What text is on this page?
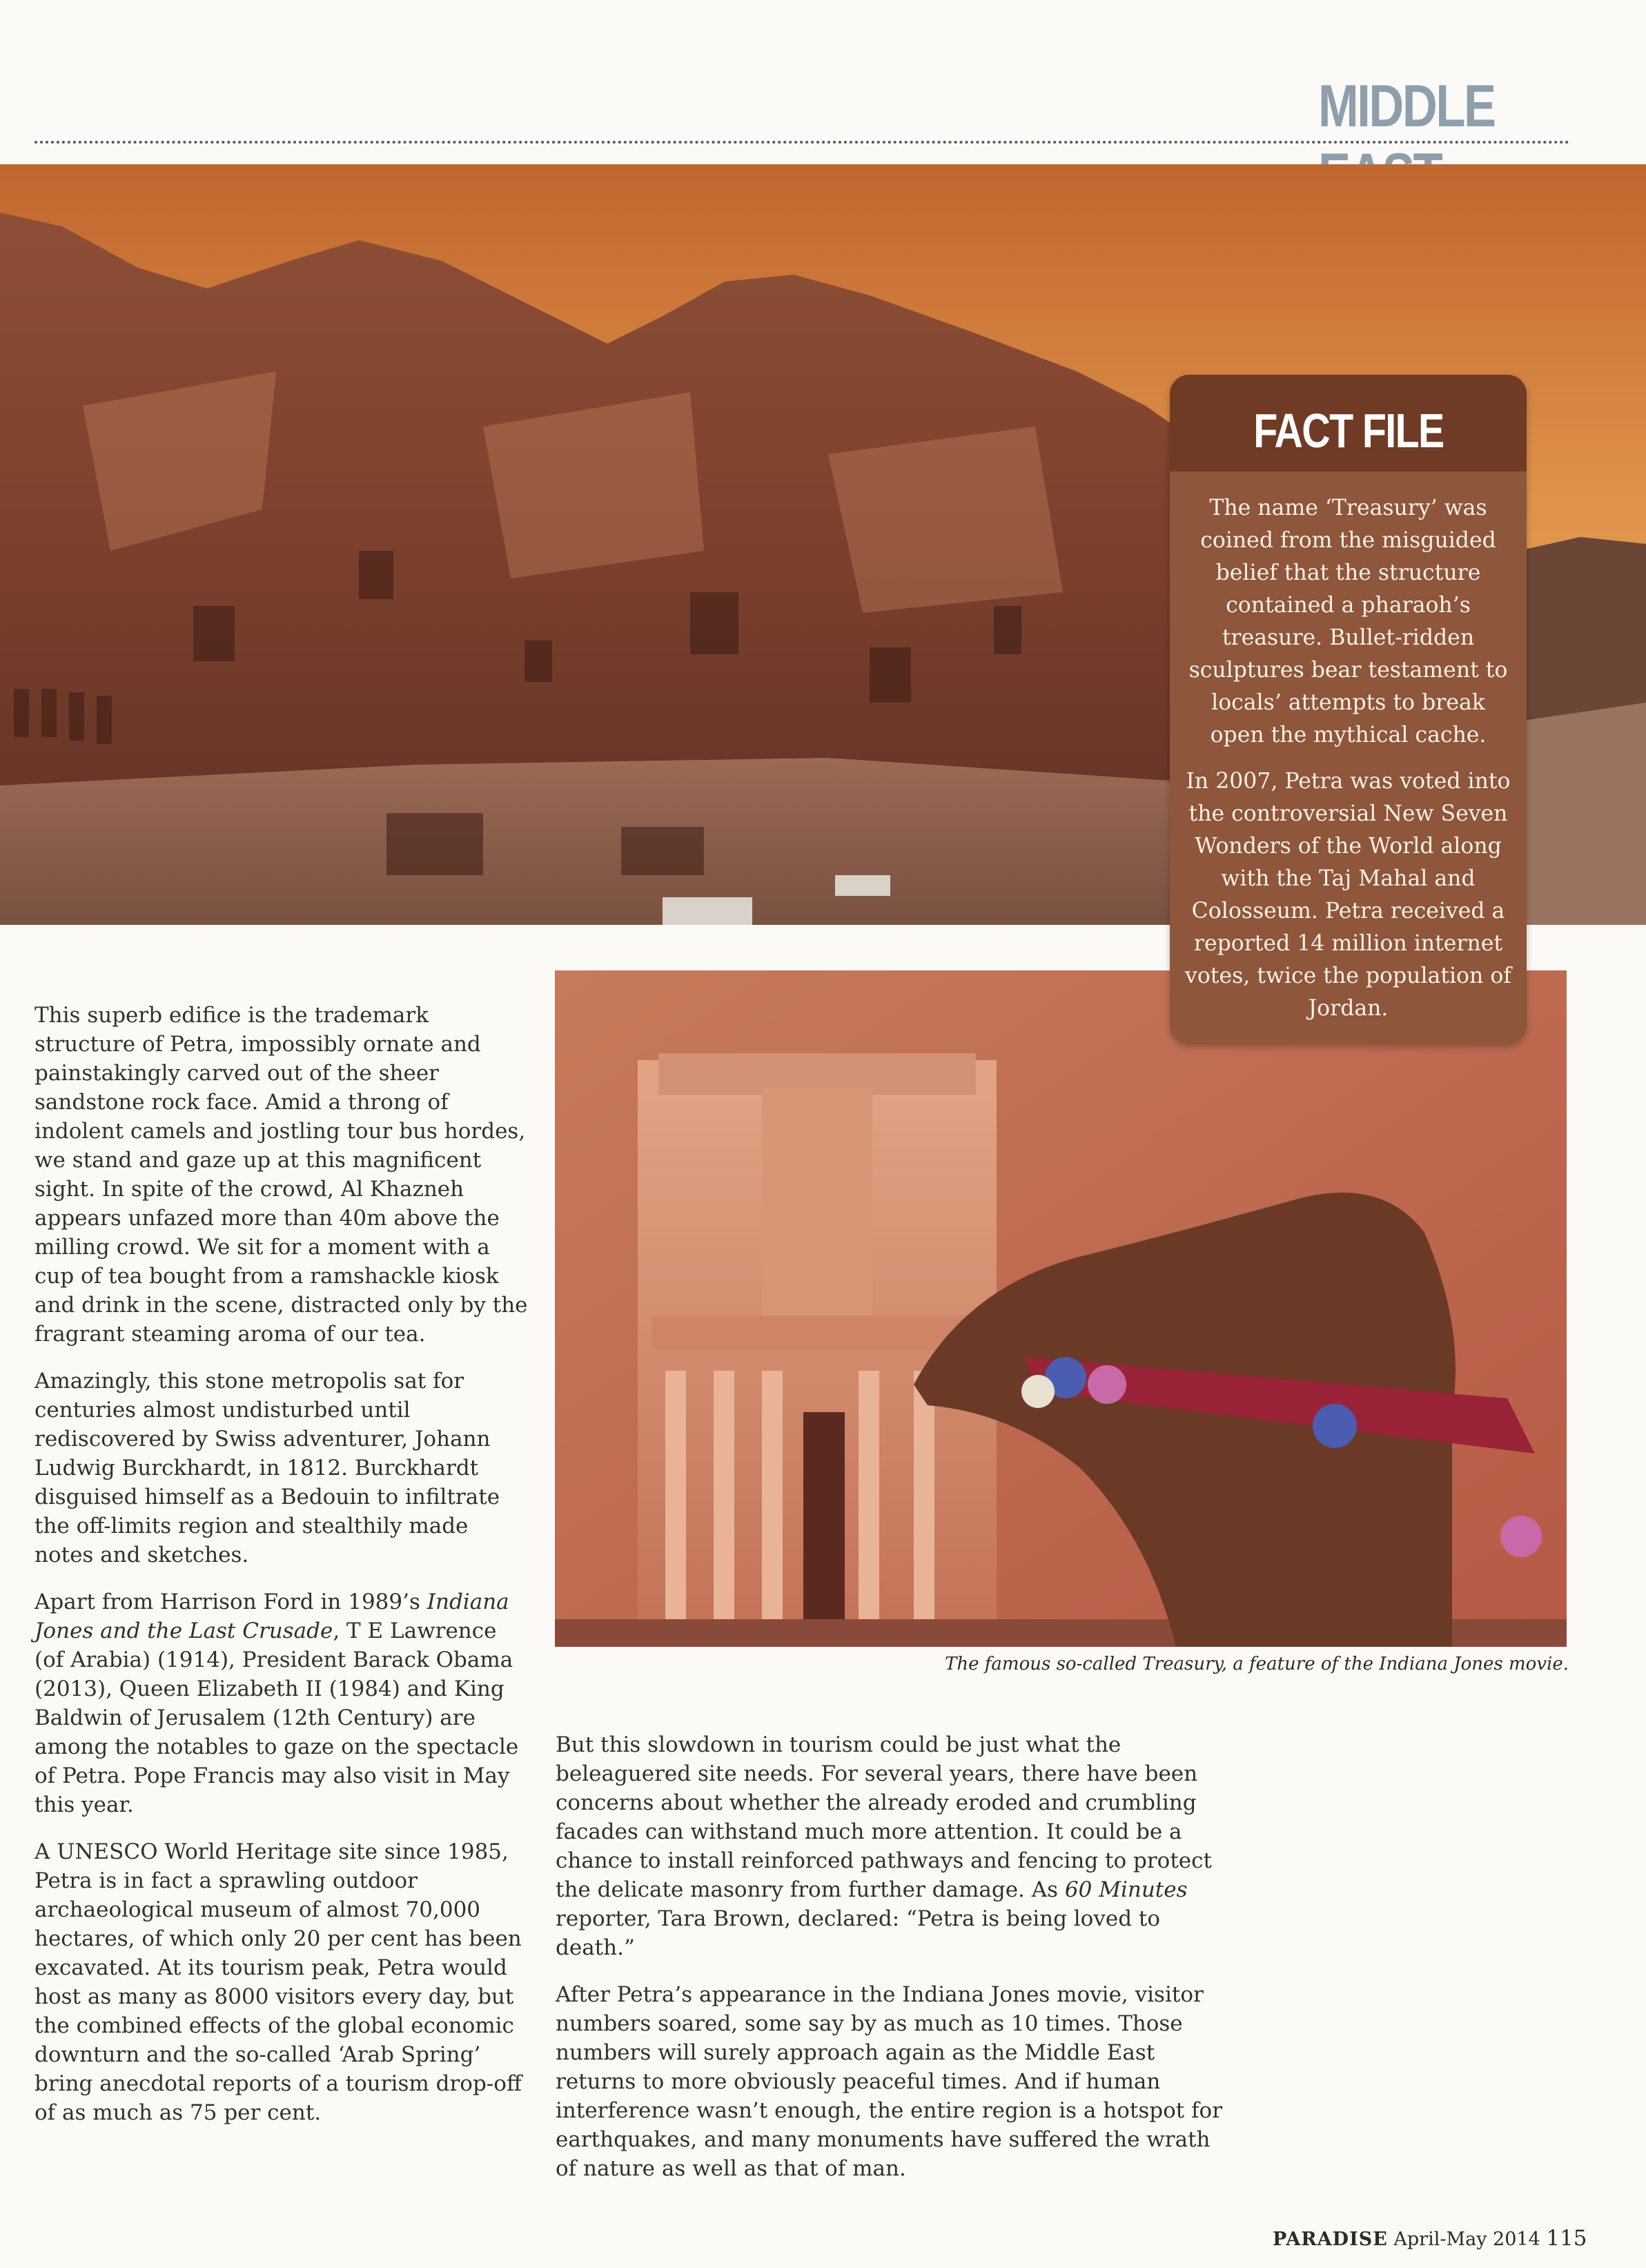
MIDDLE
The famous so-called Treasury, a feature of the Indiana Jones movie.
FACT FILE

The name ‘Treasury’ was coined from the misguided belief that the structure contained a pharaoh’s treasure. Bullet-ridden sculptures bear testament to locals’ attempts to break open the mythical cache.

In 2007, Petra was voted into the controversial New Seven Wonders of the World along with the Taj Mahal and Colosseum. Petra received a reported 14 million internet votes, twice the population of Jordan.

This superb edifice is the trademark structure of Petra, impossibly ornate and painstakingly carved out of the sheer sandstone rock face. Amid a throng of indolent camels and jostling tour bus hordes, we stand and gaze up at this magnificent sight. In spite of the crowd, Al Khazneh appears unfazed more than 40m above the milling crowd. We sit for a moment with a cup of tea bought from a ramshackle kiosk and drink in the scene, distracted only by the fragrant steaming aroma of our tea.

Amazingly, this stone metropolis sat for centuries almost undisturbed until rediscovered by Swiss adventurer, Johann Ludwig Burckhardt, in 1812. Burckhardt disguised himself as a Bedouin to infiltrate the off-limits region and stealthily made notes and sketches.

Apart from Harrison Ford in 1989’s Indiana Jones and the Last Crusade, T E Lawrence (of Arabia) (1914), President Barack Obama (2013), Queen Elizabeth II (1984) and King Baldwin of Jerusalem (12th Century) are among the notables to gaze on the spectacle of Petra. Pope Francis may also visit in May this year.

A UNESCO World Heritage site since 1985, Petra is in fact a sprawling outdoor archaeological museum of almost 70,000 hectares, of which only 20 per cent has been excavated. At its tourism peak, Petra would host as many as 8000 visitors every day, but the combined effects of the global economic downturn and the so-called ‘Arab Spring’ bring anecdotal reports of a tourism drop-off of as much as 75 per cent.

But this slowdown in tourism could be just what the beleaguered site needs. For several years, there have been concerns about whether the already eroded and crumbling facades can withstand much more attention. It could be a chance to install reinforced pathways and fencing to protect the delicate masonry from further damage. As 60 Minutes reporter, Tara Brown, declared: “Petra is being loved to death.”

After Petra’s appearance in the Indiana Jones movie, visitor numbers soared, some say by as much as 10 times. Those numbers will surely approach again as the Middle East returns to more obviously peaceful times. And if human interference wasn’t enough, the entire region is a hotspot for earthquakes, and many monuments have suffered the wrath of nature as well as that of man.

PARADISE April-May 2014 115
